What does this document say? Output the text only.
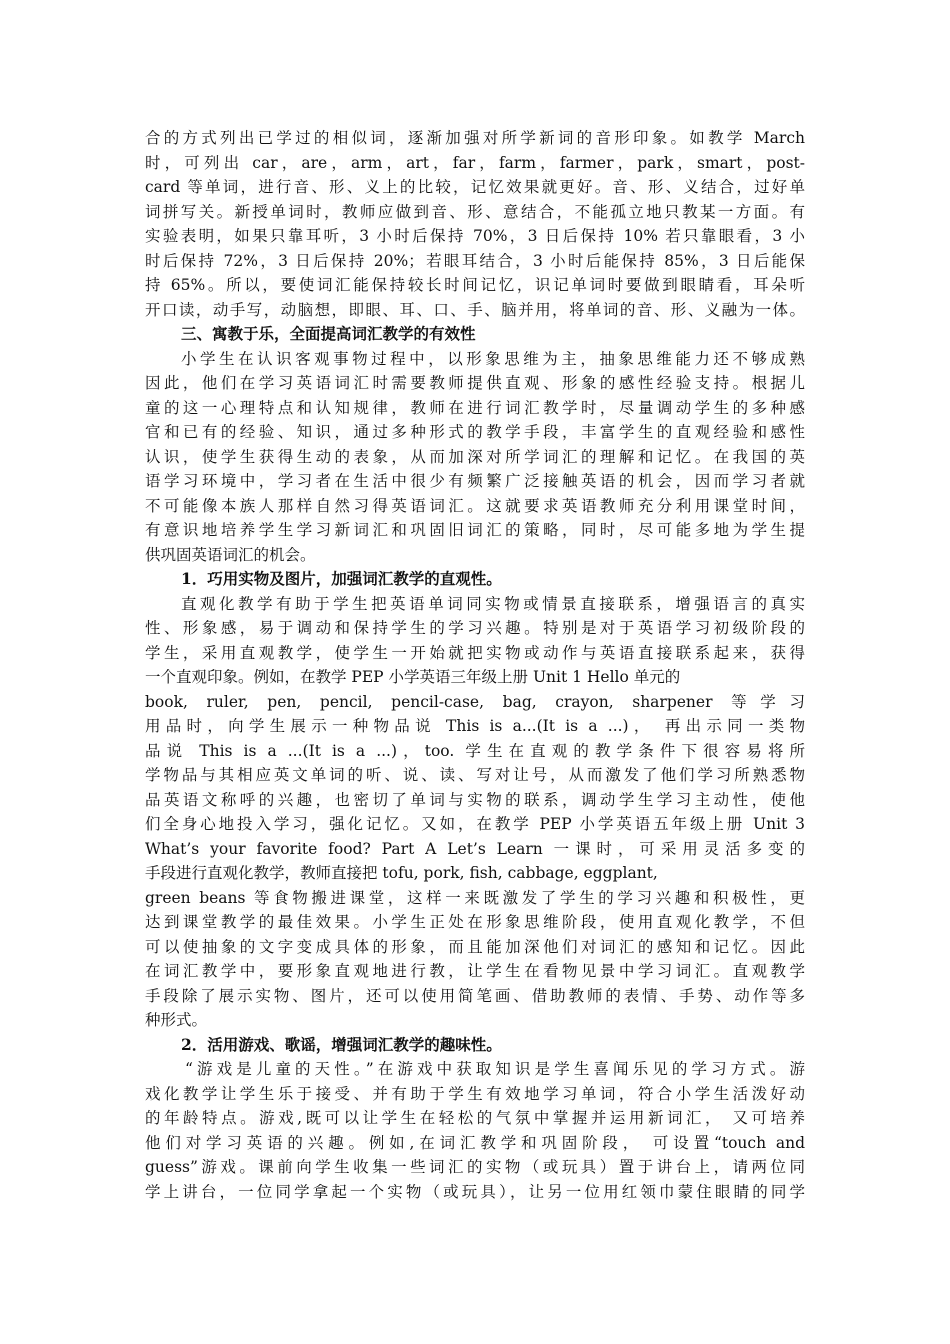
合的方式列出已学过的相似词，逐渐加强对所学新词的音形印象。如教学 March
时，可列出 car，are，arm，art，far，farm，farmer，park，smart，post-
card 等单词，进行音、形、义上的比较，记忆效果就更好。音、形、义结合，过好单
词拼写关。新授单词时，教师应做到音、形、意结合，不能孤立地只教某一方面。有
实验表明，如果只靠耳听，3 小时后保持 70%，3 日后保持 10% 若只靠眼看，3 小
时后保持 72%，3 日后保持 20%；若眼耳结合，3 小时后能保持 85%，3 日后能保
持 65%。所以，要使词汇能保持较长时间记忆，识记单词时要做到眼睛看，耳朵听
开口读，动手写，动脑想，即眼、耳、口、手、脑并用，将单词的音、形、义融为一体。
三、寓教于乐，全面提高词汇教学的有效性
小学生在认识客观事物过程中，以形象思维为主，抽象思维能力还不够成熟
因此，他们在学习英语词汇时需要教师提供直观、形象的感性经验支持。根据儿
童的这一心理特点和认知规律，教师在进行词汇教学时，尽量调动学生的多种感
官和已有的经验、知识，通过多种形式的教学手段，丰富学生的直观经验和感性
认识，使学生获得生动的表象，从而加深对所学词汇的理解和记忆。在我国的英
语学习环境中，学习者在生活中很少有频繁广泛接触英语的机会，因而学习者就
不可能像本族人那样自然习得英语词汇。这就要求英语教师充分利用课堂时间，
有意识地培养学生学习新词汇和巩固旧词汇的策略，同时，尽可能多地为学生提
供巩固英语词汇的机会。
1．巧用实物及图片，加强词汇教学的直观性。
直观化教学有助于学生把英语单词同实物或情景直接联系，增强语言的真实
性、形象感，易于调动和保持学生的学习兴趣。特别是对于英语学习初级阶段的
学生，采用直观教学，使学生一开始就把实物或动作与英语直接联系起来，获得
一个直观印象。例如，在教学 PEP 小学英语三年级上册 Unit 1 Hello 单元的
book, ruler, pen, pencil, pencil-case, bag, crayon, sharpener 等学习
用品时，向学生展示一种物品说 This is a...(It is a ...)， 再出示同一类物
品说 This is a ...(It is a ...)，too. 学生在直观的教学条件下很容易将所
学物品与其相应英文单词的听、说、读、写对让号，从而激发了他们学习所熟悉物
品英语文称呼的兴趣，也密切了单词与实物的联系，调动学生学习主动性，使他
们全身心地投入学习，强化记忆。又如，在教学 PEP 小学英语五年级上册 Unit 3
What’s your favorite food? Part A Let’s Learn 一课时，可采用灵活多变的
手段进行直观化教学，教师直接把 tofu, pork, fish, cabbage, eggplant,
green beans 等食物搬进课堂，这样一来既激发了学生的学习兴趣和积极性，更
达到课堂教学的最佳效果。小学生正处在形象思维阶段，使用直观化教学，不但
可以使抽象的文字变成具体的形象，而且能加深他们对词汇的感知和记忆。因此
在词汇教学中，要形象直观地进行教，让学生在看物见景中学习词汇。直观教学
手段除了展示实物、图片，还可以使用简笔画、借助教师的表情、手势、动作等多
种形式。
2．活用游戏、歌谣，增强词汇教学的趣味性。
“游戏是儿童的天性。”在游戏中获取知识是学生喜闻乐见的学习方式。游
戏化教学让学生乐于接受、并有助于学生有效地学习单词，符合小学生活泼好动
的年龄特点。游戏,既可以让学生在轻松的气氛中掌握并运用新词汇， 又可培养
他们对学习英语的兴趣。例如,在词汇教学和巩固阶段， 可设置“touch and
guess”游戏。课前向学生收集一些词汇的实物（或玩具）置于讲台上，请两位同
学上讲台，一位同学拿起一个实物（或玩具），让另一位用红领巾蒙住眼睛的同学
